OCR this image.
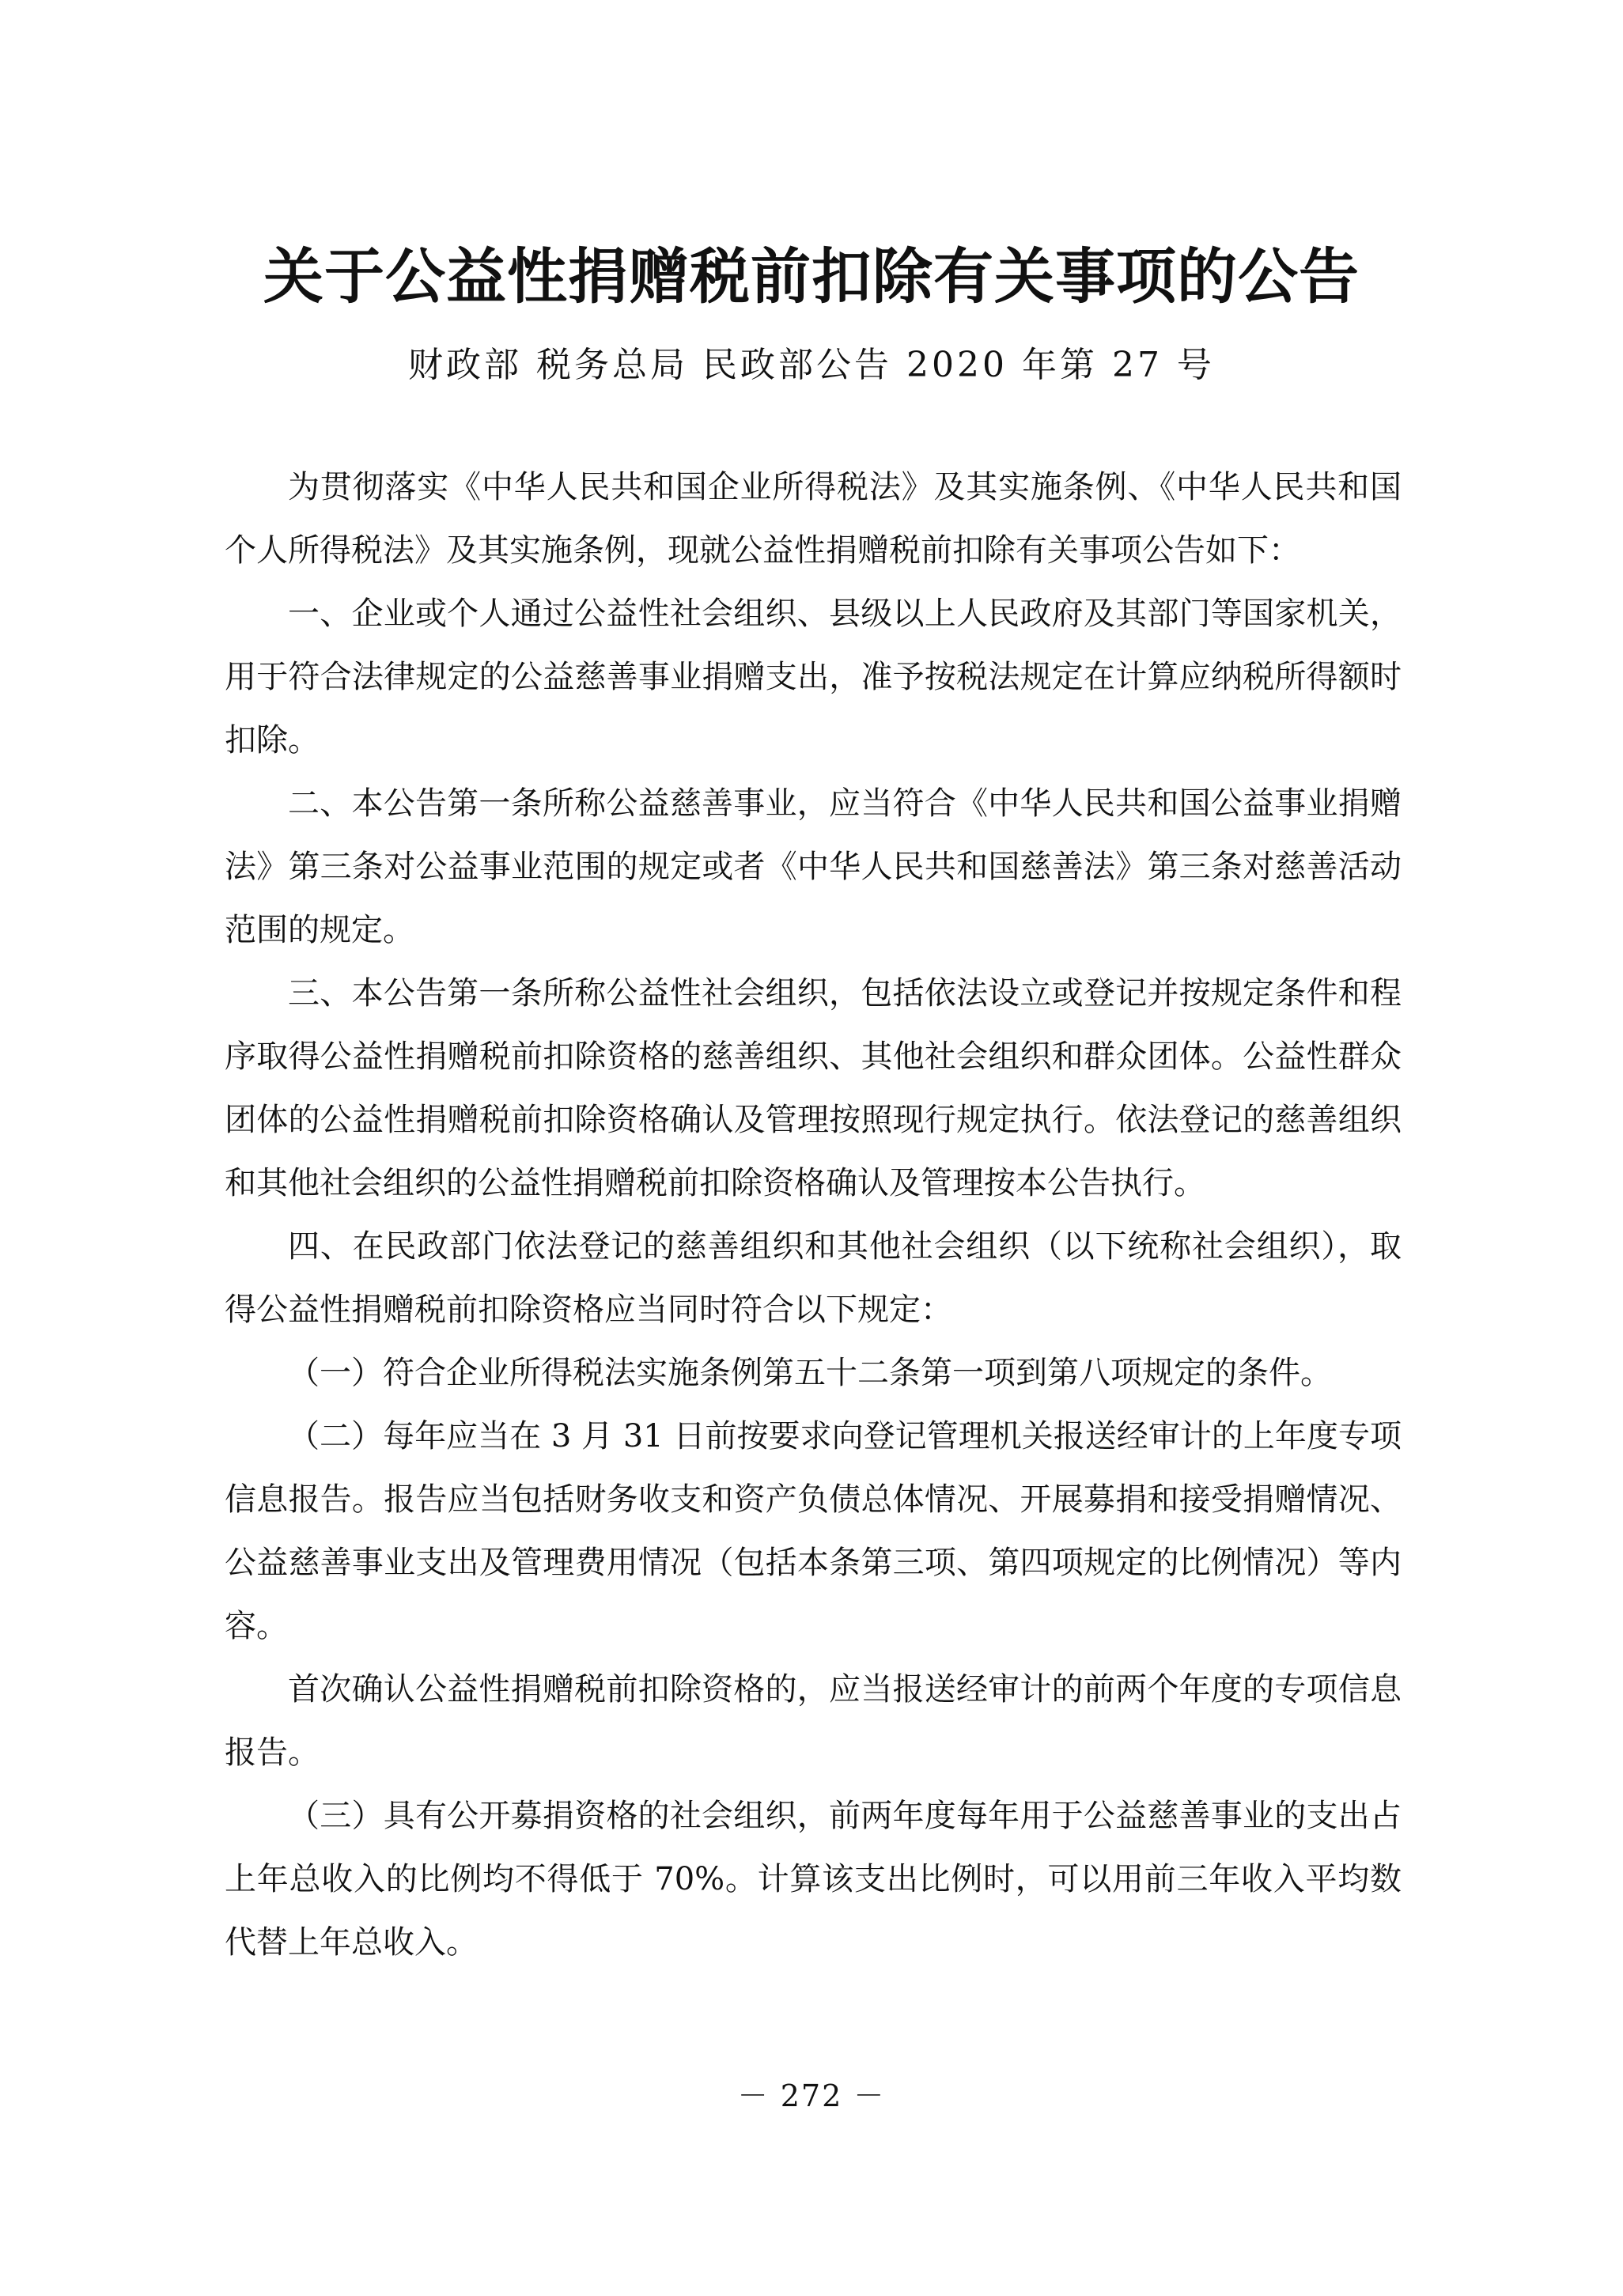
关于公益性捐赠税前扣除有关事项的公告
财政部 税务总局 民政部公告 2020 年第 27 号

为贯彻落实《中华人民共和国企业所得税法》及其实施条例、《中华人民共和国个人所得税法》及其实施条例，现就公益性捐赠税前扣除有关事项公告如下：

一、企业或个人通过公益性社会组织、县级以上人民政府及其部门等国家机关，用于符合法律规定的公益慈善事业捐赠支出，准予按税法规定在计算应纳税所得额时扣除。

二、本公告第一条所称公益慈善事业，应当符合《中华人民共和国公益事业捐赠法》第三条对公益事业范围的规定或者《中华人民共和国慈善法》第三条对慈善活动范围的规定。

三、本公告第一条所称公益性社会组织，包括依法设立或登记并按规定条件和程序取得公益性捐赠税前扣除资格的慈善组织、其他社会组织和群众团体。公益性群众团体的公益性捐赠税前扣除资格确认及管理按照现行规定执行。依法登记的慈善组织和其他社会组织的公益性捐赠税前扣除资格确认及管理按本公告执行。

四、在民政部门依法登记的慈善组织和其他社会组织（以下统称社会组织），取得公益性捐赠税前扣除资格应当同时符合以下规定：

（一）符合企业所得税法实施条例第五十二条第一项到第八项规定的条件。

（二）每年应当在 3 月 31 日前按要求向登记管理机关报送经审计的上年度专项信息报告。报告应当包括财务收支和资产负债总体情况、开展募捐和接受捐赠情况、公益慈善事业支出及管理费用情况（包括本条第三项、第四项规定的比例情况）等内容。

首次确认公益性捐赠税前扣除资格的，应当报送经审计的前两个年度的专项信息报告。

（三）具有公开募捐资格的社会组织，前两年度每年用于公益慈善事业的支出占上年总收入的比例均不得低于 70%。计算该支出比例时，可以用前三年收入平均数代替上年总收入。

－ 272 －
